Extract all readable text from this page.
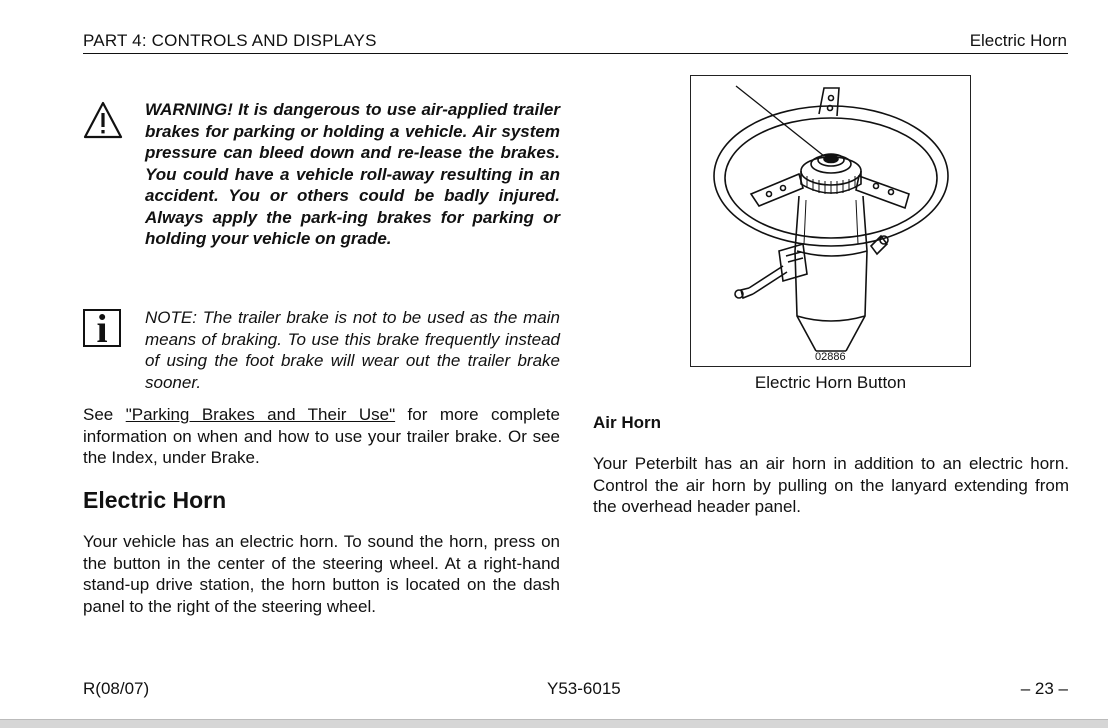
PART 4: CONTROLS AND DISPLAYS	Electric Horn
WARNING! It is dangerous to use air-applied trailer brakes for parking or holding a vehicle. Air system pressure can bleed down and re-lease the brakes. You could have a vehicle roll-away resulting in an accident. You or others could be badly injured. Always apply the park-ing brakes for parking or holding your vehicle on grade.
i	NOTE: The trailer brake is not to be used as the main means of braking. To use this brake frequently instead of using the foot brake will wear out the trailer brake sooner.
See "Parking Brakes and Their Use" for more complete information on when and how to use your trailer brake. Or see the Index, under Brake.
Electric Horn
Your vehicle has an electric horn. To sound the horn, press on the button in the center of the steering wheel. At a right-hand stand-up drive station, the horn button is located on the dash panel to the right of the steering wheel.
02886
Electric Horn Button
Air Horn
Your Peterbilt has an air horn in addition to an electric horn. Control the air horn by pulling on the lanyard extending from the overhead header panel.
R(08/07)	Y53-6015	– 23 –
